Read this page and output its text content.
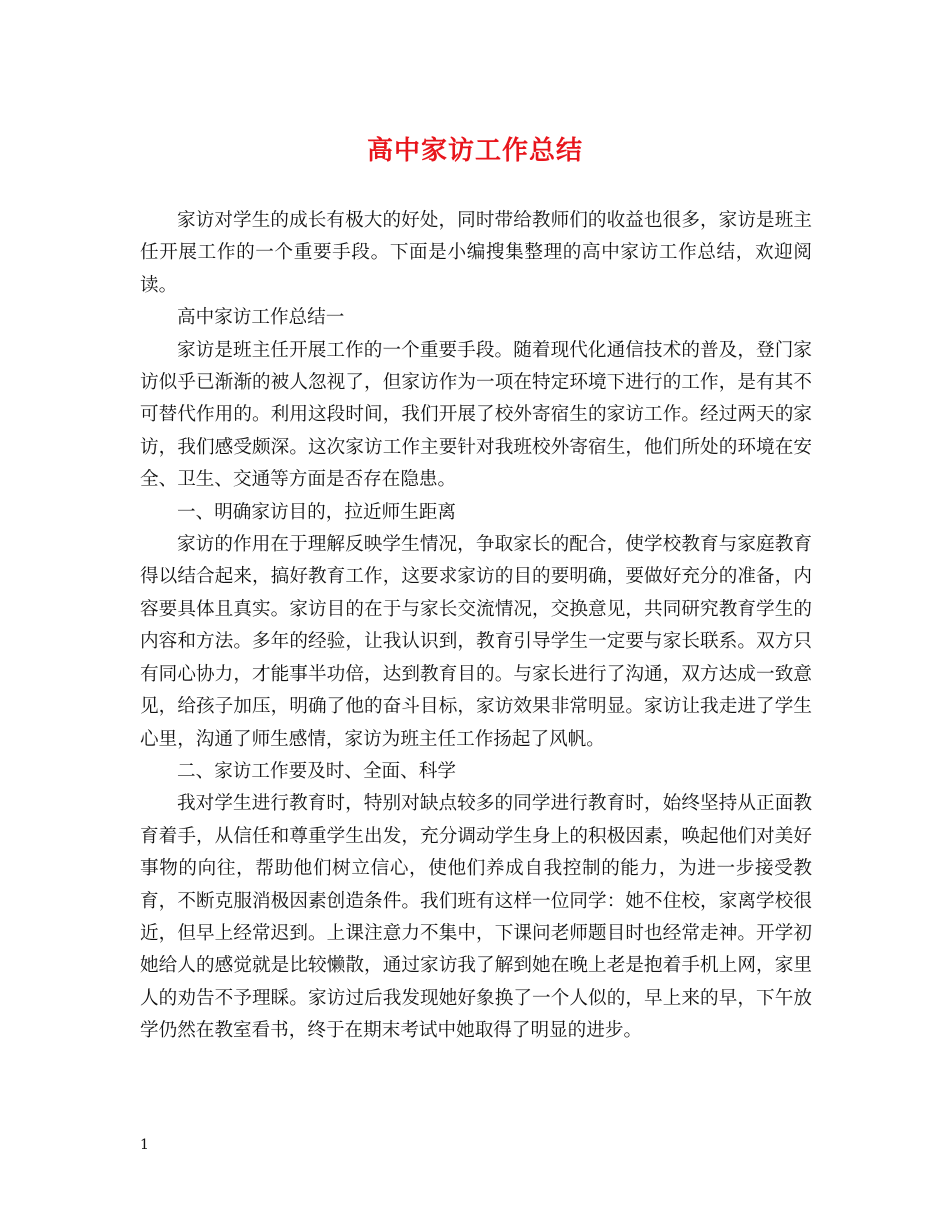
高中家访工作总结

家访对学生的成长有极大的好处，同时带给教师们的收益也很多，家访是班主任开展工作的一个重要手段。下面是小编搜集整理的高中家访工作总结，欢迎阅读。

高中家访工作总结一

家访是班主任开展工作的一个重要手段。随着现代化通信技术的普及，登门家访似乎已渐渐的被人忽视了，但家访作为一项在特定环境下进行的工作，是有其不可替代作用的。利用这段时间，我们开展了校外寄宿生的家访工作。经过两天的家访，我们感受颇深。这次家访工作主要针对我班校外寄宿生，他们所处的环境在安全、卫生、交通等方面是否存在隐患。

一、明确家访目的，拉近师生距离

家访的作用在于理解反映学生情况，争取家长的配合，使学校教育与家庭教育得以结合起来，搞好教育工作，这要求家访的目的要明确，要做好充分的准备，内容要具体且真实。家访目的在于与家长交流情况，交换意见，共同研究教育学生的内容和方法。多年的经验，让我认识到，教育引导学生一定要与家长联系。双方只有同心协力，才能事半功倍，达到教育目的。与家长进行了沟通，双方达成一致意见，给孩子加压，明确了他的奋斗目标，家访效果非常明显。家访让我走进了学生心里，沟通了师生感情，家访为班主任工作扬起了风帆。

二、家访工作要及时、全面、科学

我对学生进行教育时，特别对缺点较多的同学进行教育时，始终坚持从正面教育着手，从信任和尊重学生出发，充分调动学生身上的积极因素，唤起他们对美好事物的向往，帮助他们树立信心，使他们养成自我控制的能力，为进一步接受教育，不断克服消极因素创造条件。我们班有这样一位同学：她不住校，家离学校很近，但早上经常迟到。上课注意力不集中，下课问老师题目时也经常走神。开学初她给人的感觉就是比较懒散，通过家访我了解到她在晚上老是抱着手机上网，家里人的劝告不予理睬。家访过后我发现她好象换了一个人似的，早上来的早，下午放学仍然在教室看书，终于在期末考试中她取得了明显的进步。

1
